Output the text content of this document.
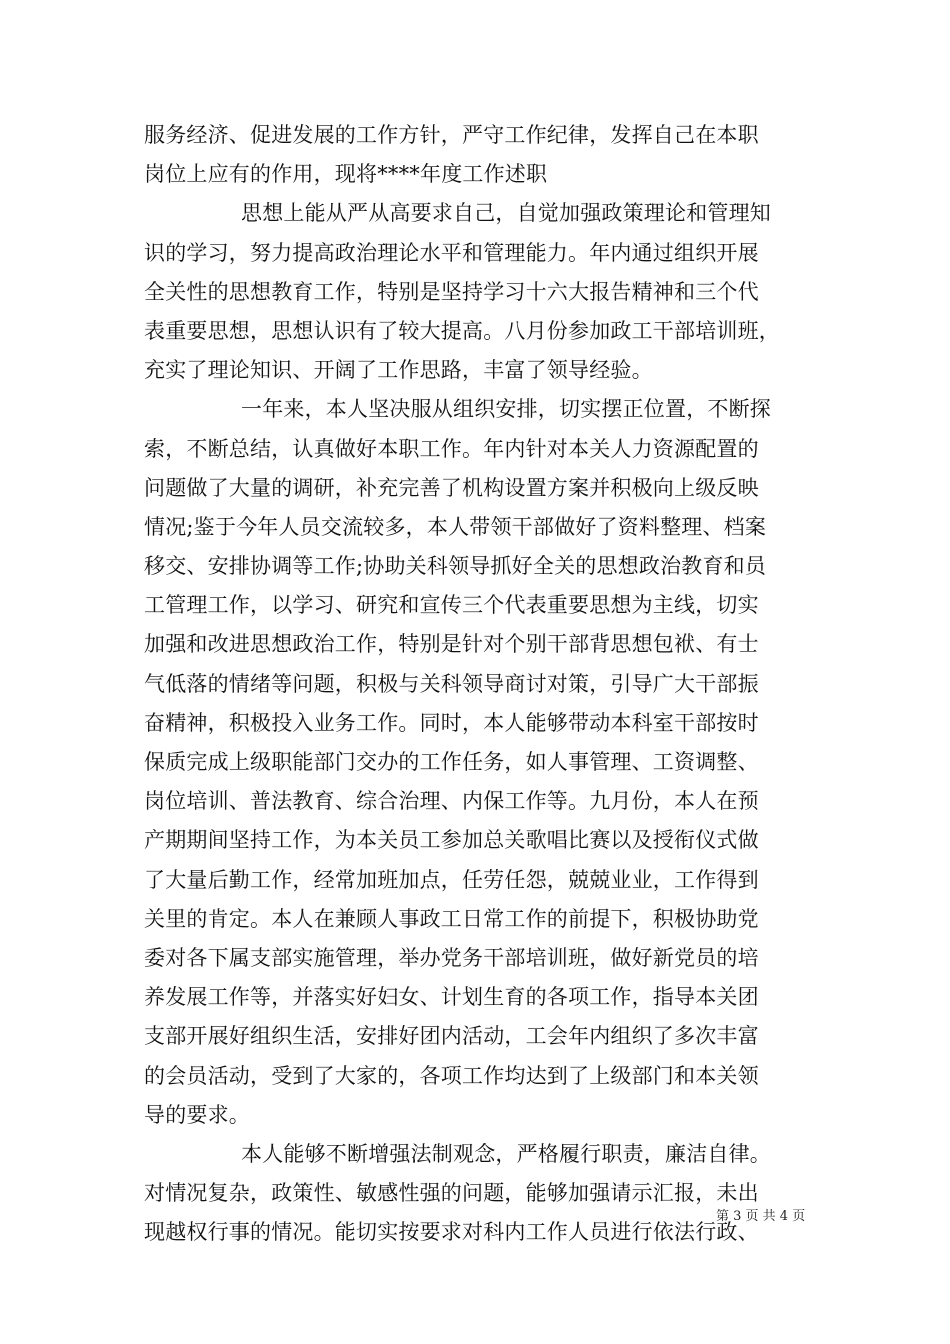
服务经济、促进发展的工作方针，严守工作纪律，发挥自己在本职
岗位上应有的作用，现将****年度工作述职
思想上能从严从高要求自己，自觉加强政策理论和管理知
识的学习，努力提高政治理论水平和管理能力。年内通过组织开展
全关性的思想教育工作，特别是坚持学习十六大报告精神和三个代
表重要思想，思想认识有了较大提高。八月份参加政工干部培训班，
充实了理论知识、开阔了工作思路，丰富了领导经验。
一年来，本人坚决服从组织安排，切实摆正位置，不断探
索，不断总结，认真做好本职工作。年内针对本关人力资源配置的
问题做了大量的调研，补充完善了机构设置方案并积极向上级反映
情况;鉴于今年人员交流较多，本人带领干部做好了资料整理、档案
移交、安排协调等工作;协助关科领导抓好全关的思想政治教育和员
工管理工作，以学习、研究和宣传三个代表重要思想为主线，切实
加强和改进思想政治工作，特别是针对个别干部背思想包袱、有士
气低落的情绪等问题，积极与关科领导商讨对策，引导广大干部振
奋精神，积极投入业务工作。同时，本人能够带动本科室干部按时
保质完成上级职能部门交办的工作任务，如人事管理、工资调整、
岗位培训、普法教育、综合治理、内保工作等。九月份，本人在预
产期期间坚持工作，为本关员工参加总关歌唱比赛以及授衔仪式做
了大量后勤工作，经常加班加点，任劳任怨，兢兢业业，工作得到
关里的肯定。本人在兼顾人事政工日常工作的前提下，积极协助党
委对各下属支部实施管理，举办党务干部培训班，做好新党员的培
养发展工作等，并落实好妇女、计划生育的各项工作，指导本关团
支部开展好组织生活，安排好团内活动，工会年内组织了多次丰富
的会员活动，受到了大家的，各项工作均达到了上级部门和本关领
导的要求。
本人能够不断增强法制观念，严格履行职责，廉洁自律。
对情况复杂，政策性、敏感性强的问题，能够加强请示汇报，未出
现越权行事的情况。能切实按要求对科内工作人员进行依法行政、
第 3 页 共 4 页
